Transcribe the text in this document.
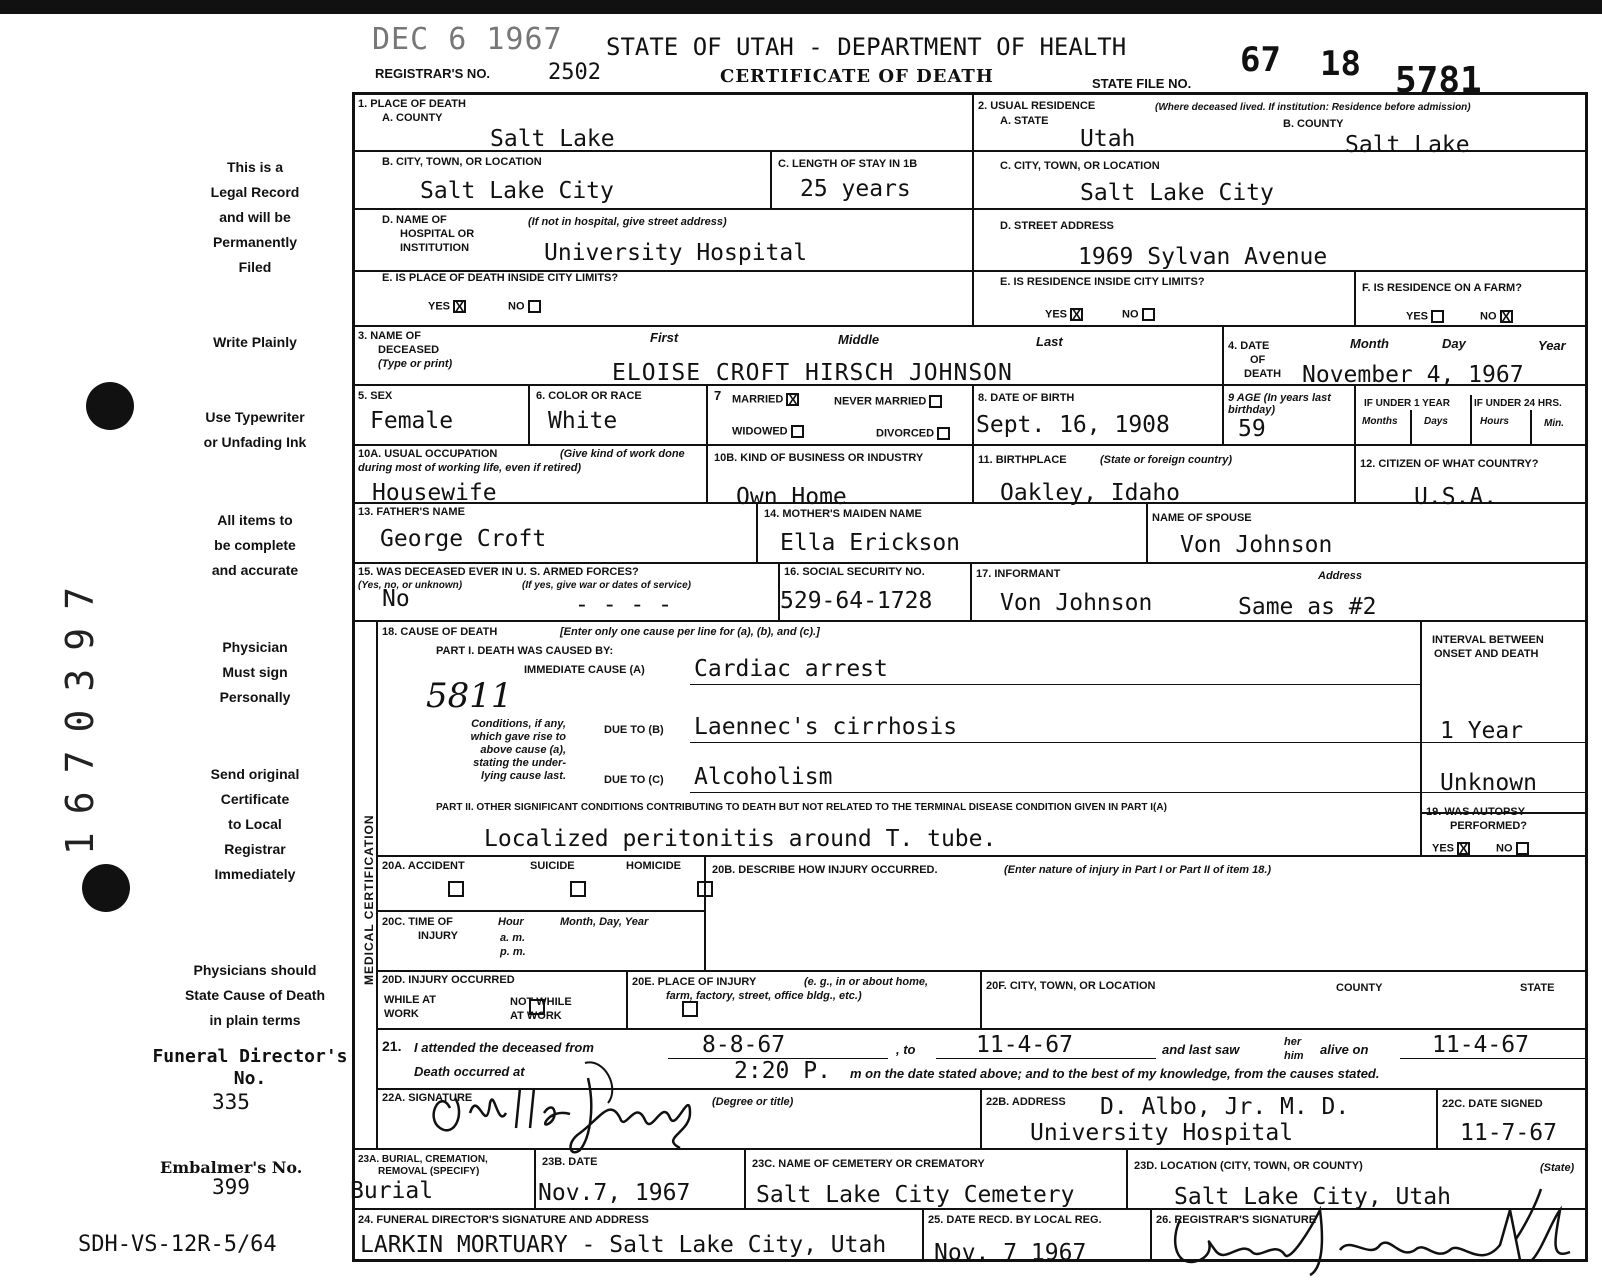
DEC 6 1967
REGISTRAR'S NO.	2502
STATE OF UTAH - DEPARTMENT OF HEALTH
CERTIFICATE OF DEATH	STATE FILE NO.
67 18 5781
This is a
Legal Record
and will be
Permanently
Filed
Write Plainly
Use Typewriter
or Unfading Ink
All items to
be complete
and accurate
Physician
Must sign
Personally
Send original
Certificate
to Local
Registrar
Immediately
Physicians should
State Cause of Death
in plain terms
Funeral Director's No.
335
Embalmer's No.
399
SDH-VS-12R-5/64
1670397
1. PLACE OF DEATH
A. COUNTY
Salt Lake
2. USUAL RESIDENCE	(Where deceased lived. If institution: Residence before admission)
A. STATE	B. COUNTY
Utah	Salt Lake
B. CITY, TOWN, OR LOCATION
Salt Lake City
C. LENGTH OF STAY IN 1B
25 years
C. CITY, TOWN, OR LOCATION
Salt Lake City
D. NAME OF
HOSPITAL OR
INSTITUTION
(If not in hospital, give street address)
University Hospital
D. STREET ADDRESS
1969 Sylvan Avenue
E. IS PLACE OF DEATH INSIDE CITY LIMITS?
YES X	NO
E. IS RESIDENCE INSIDE CITY LIMITS?
YES X	NO
F. IS RESIDENCE ON A FARM?
YES	NO X
3. NAME OF
DECEASED
(Type or print)
First	Middle	Last
ELOISE CROFT HIRSCH JOHNSON
4. DATE
OF
DEATH
Month	Day	Year
November 4, 1967
5. SEX
Female
6. COLOR OR RACE
White
7 MARRIED X	NEVER MARRIED
WIDOWED	DIVORCED
8. DATE OF BIRTH
Sept. 16, 1908
9 AGE (In years last birthday)
59
IF UNDER 1 YEAR IF UNDER 24 HRS.
Months	Days	Hours	Min.
10A. USUAL OCCUPATION	(Give kind of work done
during most of working life, even if retired)
Housewife
10B. KIND OF BUSINESS OR INDUSTRY
Own Home
11. BIRTHPLACE	(State or foreign country)
Oakley, Idaho
12. CITIZEN OF WHAT COUNTRY?
U.S.A.
13. FATHER'S NAME
George Croft
14. MOTHER'S MAIDEN NAME
Ella Erickson
NAME OF SPOUSE
Von Johnson
15. WAS DECEASED EVER IN U. S. ARMED FORCES?
(Yes, no, or unknown)	(If yes, give war or dates of service)
No	- - - -
16. SOCIAL SECURITY NO.
529-64-1728
17. INFORMANT	Address
Von Johnson	Same as #2
MEDICAL CERTIFICATION
18. CAUSE OF DEATH	[Enter only one cause per line for (a), (b), and (c).]
PART I. DEATH WAS CAUSED BY:
IMMEDIATE CAUSE (A) Cardiac arrest
5811
Conditions, if any,
which gave rise to
above cause (a),
stating the under-
lying cause last.
DUE TO (B) Laennec's cirrhosis
DUE TO (C) Alcoholism
INTERVAL BETWEEN
ONSET AND DEATH
1 Year
Unknown
PART II. OTHER SIGNIFICANT CONDITIONS CONTRIBUTING TO DEATH BUT NOT RELATED TO THE TERMINAL DISEASE CONDITION GIVEN IN PART I(A)
Localized peritonitis around T. tube.
19. WAS AUTOPSY
PERFORMED?
YES X	NO
20A. ACCIDENT	SUICIDE	HOMICIDE
	20B. DESCRIBE HOW INJURY OCCURRED.	(Enter nature of injury in Part I or Part II of item 18.)
20C. TIME OF
INJURY
Hour
a. m.
p. m.
Month, Day, Year
20D. INJURY OCCURRED
WHILE AT
WORK

NOT WHILE
AT WORK
20E. PLACE OF INJURY	(e. g., in or about home,
farm, factory, street, office bldg., etc.)
20F. CITY, TOWN, OR LOCATION	COUNTY	STATE
21. I attended the deceased from	8-8-67	, to	11-4-67	and last saw	her
him alive on	11-4-67
Death occurred at	2:20 P. m on the date stated above; and to the best of my knowledge, from the causes stated.
22A. SIGNATURE	(Degree or title)	22B. ADDRESS D. Albo, Jr. M. D.
University Hospital
22C. DATE SIGNED
11-7-67
23A. BURIAL, CREMATION,
REMOVAL (SPECIFY)
Burial
23B. DATE
Nov.7, 1967
23C. NAME OF CEMETERY OR CREMATORY
Salt Lake City Cemetery
23D. LOCATION (CITY, TOWN, OR COUNTY)	(State)
Salt Lake City, Utah
24. FUNERAL DIRECTOR'S SIGNATURE AND ADDRESS
LARKIN MORTUARY - Salt Lake City, Utah
25. DATE RECD. BY LOCAL REG.
Nov. 7 1967
26. REGISTRAR'S SIGNATURE
